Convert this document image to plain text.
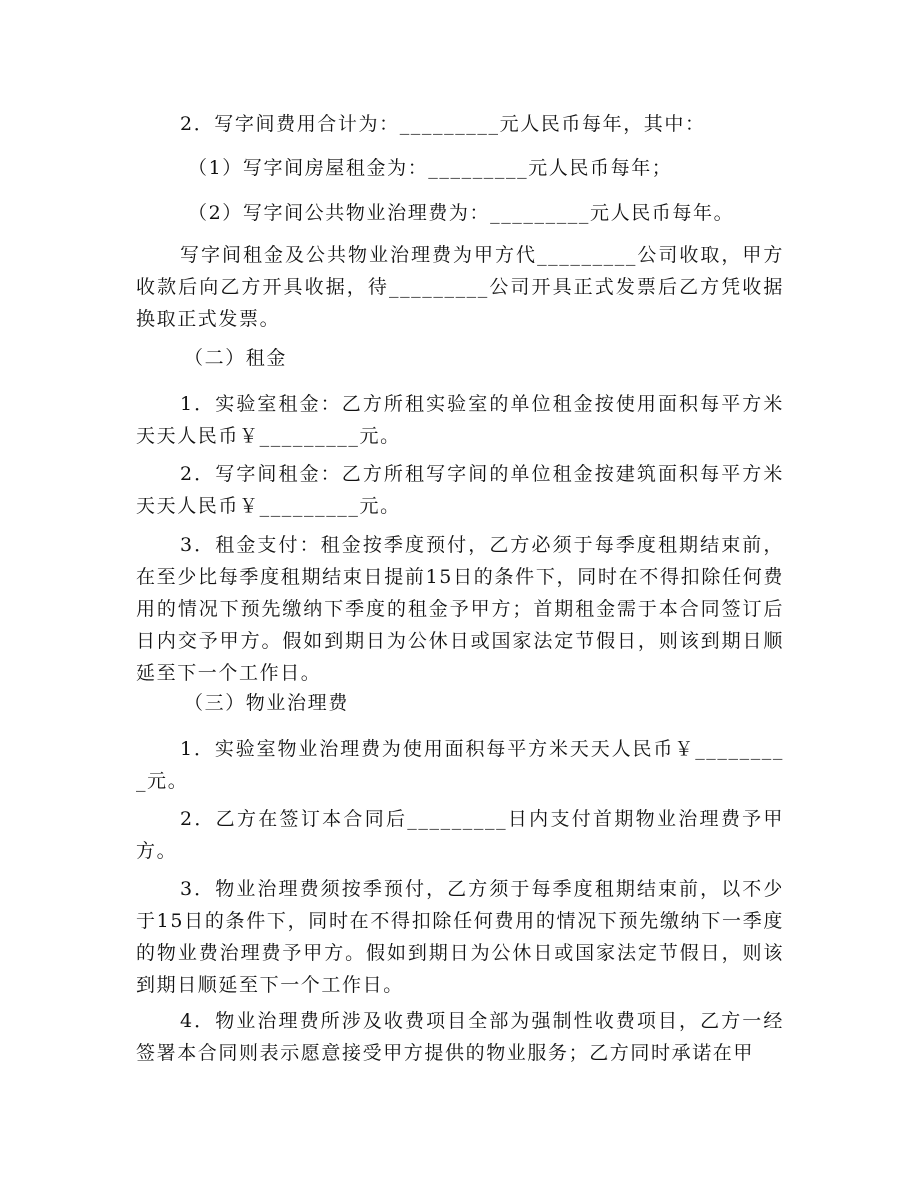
2．写字间费用合计为：_________元人民币每年，其中：
（1）写字间房屋租金为：_________元人民币每年；
（2）写字间公共物业治理费为：_________元人民币每年。
写字间租金及公共物业治理费为甲方代_________公司收取，甲方收款后向乙方开具收据，待_________公司开具正式发票后乙方凭收据换取正式发票。
（二）租金
1．实验室租金：乙方所租实验室的单位租金按使用面积每平方米天天人民币￥_________元。
2．写字间租金：乙方所租写字间的单位租金按建筑面积每平方米天天人民币￥_________元。
3．租金支付：租金按季度预付，乙方必须于每季度租期结束前，在至少比每季度租期结束日提前15日的条件下，同时在不得扣除任何费用的情况下预先缴纳下季度的租金予甲方；首期租金需于本合同签订后日内交予甲方。假如到期日为公休日或国家法定节假日，则该到期日顺延至下一个工作日。
（三）物业治理费
1．实验室物业治理费为使用面积每平方米天天人民币￥_________元。
2．乙方在签订本合同后_________日内支付首期物业治理费予甲方。
3．物业治理费须按季预付，乙方须于每季度租期结束前，以不少于15日的条件下，同时在不得扣除任何费用的情况下预先缴纳下一季度的物业费治理费予甲方。假如到期日为公休日或国家法定节假日，则该到期日顺延至下一个工作日。
4．物业治理费所涉及收费项目全部为强制性收费项目，乙方一经签署本合同则表示愿意接受甲方提供的物业服务；乙方同时承诺在甲
